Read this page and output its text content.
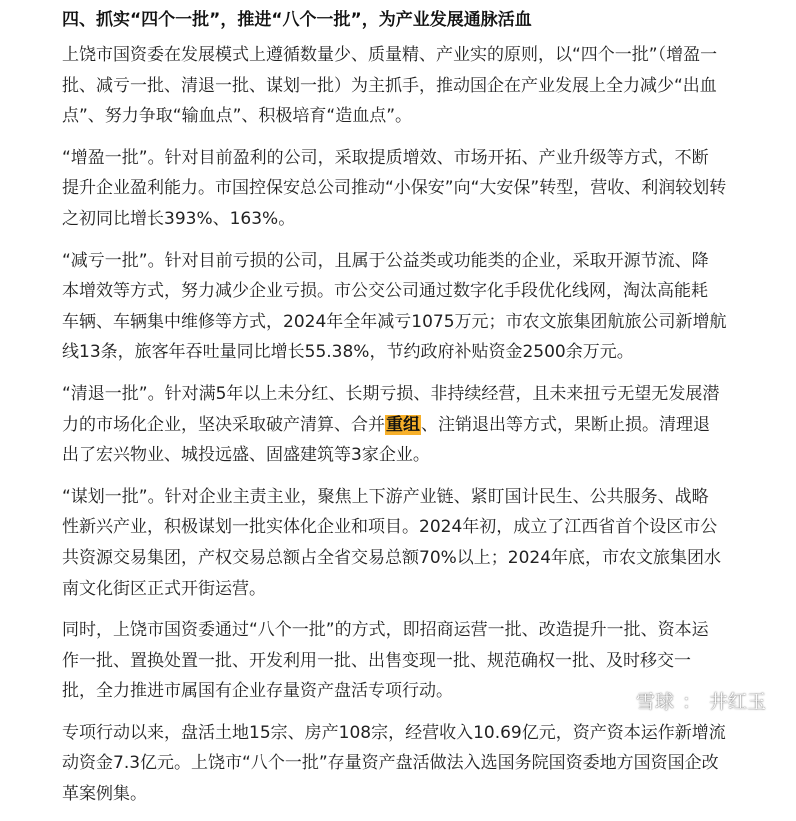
四、抓实“四个一批”，推进“八个一批”，为产业发展通脉活血

上饶市国资委在发展模式上遵循数量少、质量精、产业实的原则，以“四个一批”（增盈一
批、减亏一批、清退一批、谋划一批）为主抓手，推动国企在产业发展上全力减少“出血
点”、努力争取“输血点”、积极培育“造血点”。

“增盈一批”。针对目前盈利的公司，采取提质增效、市场开拓、产业升级等方式，不断
提升企业盈利能力。市国控保安总公司推动“小保安”向“大安保”转型，营收、利润较划转
之初同比增长393%、163%。

“减亏一批”。针对目前亏损的公司，且属于公益类或功能类的企业，采取开源节流、降
本增效等方式，努力减少企业亏损。市公交公司通过数字化手段优化线网，淘汰高能耗
车辆、车辆集中维修等方式，2024年全年减亏1075万元；市农文旅集团航旅公司新增航
线13条，旅客年吞吐量同比增长55.38%，节约政府补贴资金2500余万元。

“清退一批”。针对满5年以上未分红、长期亏损、非持续经营，且未来扭亏无望无发展潜
力的市场化企业，坚决采取破产清算、合并重组、注销退出等方式，果断止损。清理退
出了宏兴物业、城投远盛、固盛建筑等3家企业。

“谋划一批”。针对企业主责主业，聚焦上下游产业链、紧盯国计民生、公共服务、战略
性新兴产业，积极谋划一批实体化企业和项目。2024年初，成立了江西省首个设区市公
共资源交易集团，产权交易总额占全省交易总额70%以上；2024年底，市农文旅集团水
南文化街区正式开街运营。

同时，上饶市国资委通过“八个一批”的方式，即招商运营一批、改造提升一批、资本运
作一批、置换处置一批、开发利用一批、出售变现一批、规范确权一批、及时移交一
批，全力推进市属国有企业存量资产盘活专项行动。

专项行动以来，盘活土地15宗、房产108宗，经营收入10.69亿元，资产资本运作新增流
动资金7.3亿元。上饶市“八个一批”存量资产盘活做法入选国务院国资委地方国资国企改
革案例集。

雪球 ： 井红玉
